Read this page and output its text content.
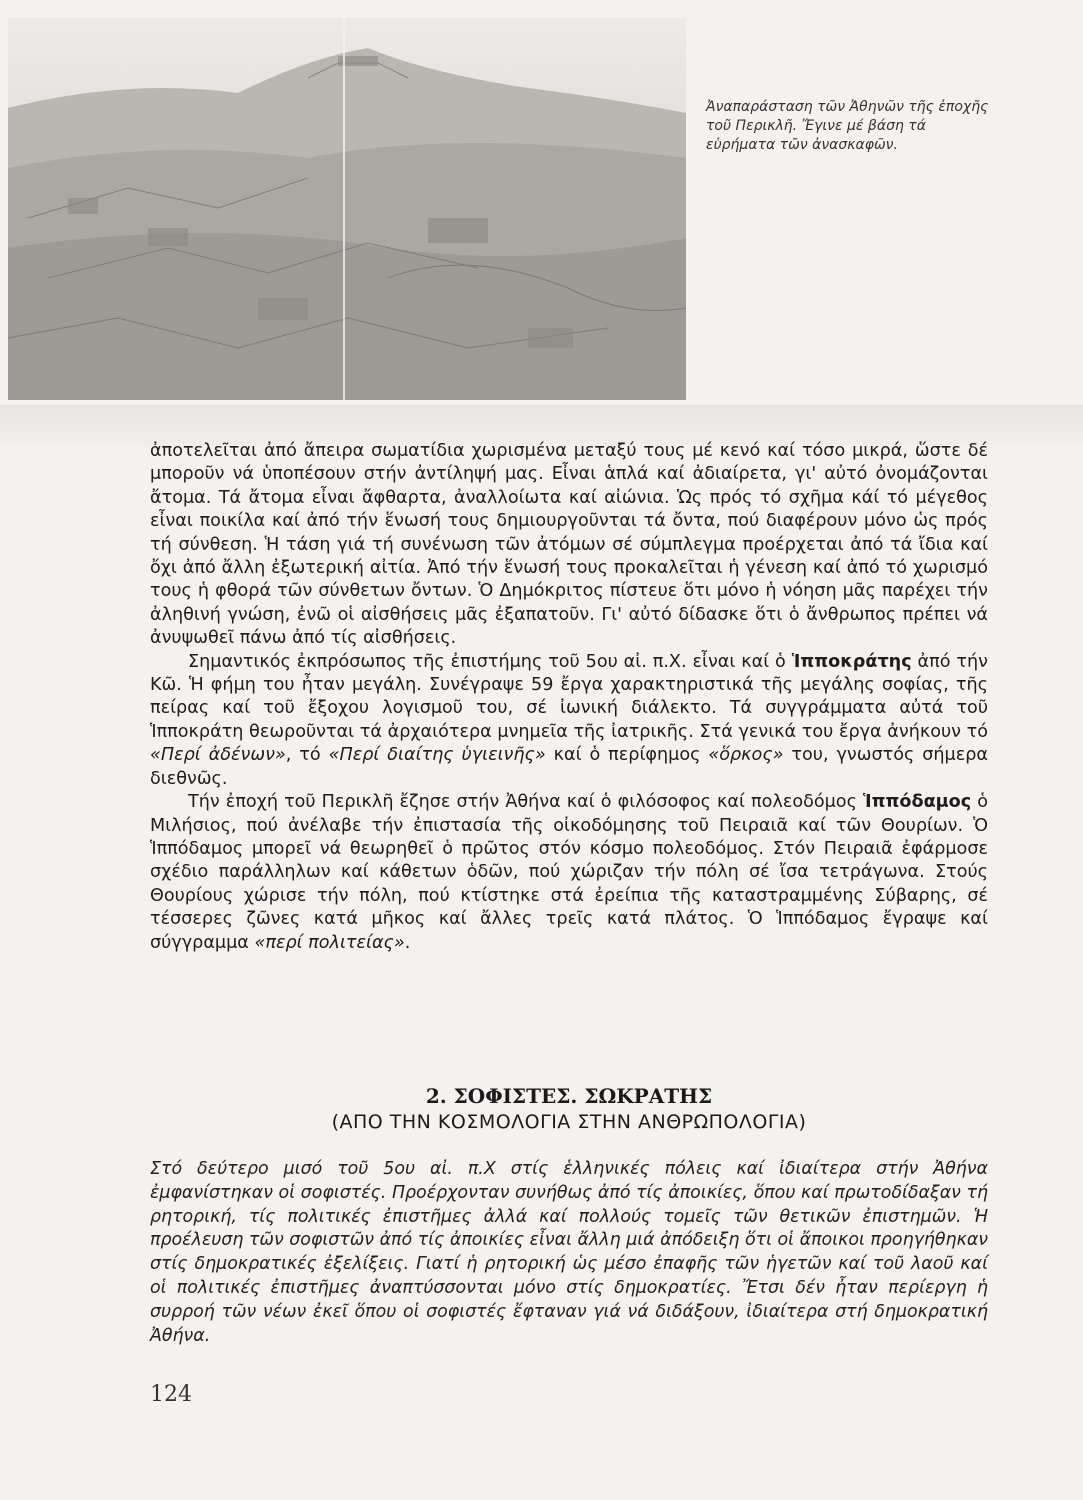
Ἀναπαράσταση τῶν Ἀθηνῶν τῆς ἐποχῆς τοῦ Περικλῆ. Ἔγινε μέ βάση τά εὑρήματα τῶν ἀνασκαφῶν.

ἀποτελεῖται ἀπό ἄπειρα σωματίδια χωρισμένα μεταξύ τους μέ κενό καί τόσο μικρά, ὥστε δέ μποροῦν νά ὑποπέσουν στήν ἀντίληψή μας. Εἶναι ἁπλά καί ἀδιαίρετα, γι' αὐτό ὀνομάζονται ἄτομα. Τά ἄτομα εἶναι ἄφθαρτα, ἀναλλοίωτα καί αἰώνια. Ὡς πρός τό σχῆμα κάί τό μέγεθος εἶναι ποικίλα καί ἀπό τήν ἕνωσή τους δημιουργοῦνται τά ὄντα, πού διαφέρουν μόνο ὡς πρός τή σύνθεση. Ἡ τάση γιά τή συνένωση τῶν ἀτόμων σέ σύμπλεγμα προέρχεται ἀπό τά ἴδια καί ὄχι ἀπό ἄλλη ἐξωτερική αἰτία. Ἀπό τήν ἕνωσή τους προκαλεῖται ἡ γένεση καί ἀπό τό χωρισμό τους ἡ φθορά τῶν σύνθετων ὄντων. Ὁ Δημόκριτος πίστευε ὅτι μόνο ἡ νόηση μᾶς παρέχει τήν ἀληθινή γνώση, ἐνῶ οἱ αἰσθήσεις μᾶς ἐξαπατοῦν. Γι' αὐτό δίδασκε ὅτι ὁ ἄνθρωπος πρέπει νά ἀνυψωθεῖ πάνω ἀπό τίς αἰσθήσεις.

Σημαντικός ἐκπρόσωπος τῆς ἐπιστήμης τοῦ 5ου αἰ. π.Χ. εἶναι καί ὁ Ἱπποκράτης ἀπό τήν Κῶ. Ἡ φήμη του ἦταν μεγάλη. Συνέγραψε 59 ἔργα χαρακτηριστικά τῆς μεγάλης σοφίας, τῆς πείρας καί τοῦ ἔξοχου λογισμοῦ του, σέ ἰωνική διάλεκτο. Τά συγγράμματα αὐτά τοῦ Ἱπποκράτη θεωροῦνται τά ἀρχαιότερα μνημεῖα τῆς ἰατρικῆς. Στά γενικά του ἔργα ἀνήκουν τό «Περί ἀδένων», τό «Περί διαίτης ὑγιεινῆς» καί ὁ περίφημος «ὅρκος» του, γνωστός σήμερα διεθνῶς.

Τήν ἐποχή τοῦ Περικλῆ ἔζησε στήν Ἀθήνα καί ὁ φιλόσοφος καί πολεοδόμος Ἱππόδαμος ὁ Μιλήσιος, πού ἀνέλαβε τήν ἐπιστασία τῆς οἰκοδόμησης τοῦ Πειραιᾶ καί τῶν Θουρίων. Ὁ Ἱππόδαμος μπορεῖ νά θεωρηθεῖ ὁ πρῶτος στόν κόσμο πολεοδόμος. Στόν Πειραιᾶ ἐφάρμοσε σχέδιο παράλληλων καί κάθετων ὁδῶν, πού χώριζαν τήν πόλη σέ ἴσα τετράγωνα. Στούς Θουρίους χώρισε τήν πόλη, πού κτίστηκε στά ἐρείπια τῆς καταστραμμένης Σύβαρης, σέ τέσσερες ζῶνες κατά μῆκος καί ἄλλες τρεῖς κατά πλάτος. Ὁ Ἱππόδαμος ἔγραψε καί σύγγραμμα «περί πολιτείας».

2. ΣΟΦΙΣΤΕΣ. ΣΩΚΡΑΤΗΣ
(ΑΠΟ ΤΗΝ ΚΟΣΜΟΛΟΓΙΑ ΣΤΗΝ ΑΝΘΡΩΠΟΛΟΓΙΑ)
Στό δεύτερο μισό τοῦ 5ου αἰ. π.Χ στίς ἑλληνικές πόλεις καί ἰδιαίτερα στήν Ἀθήνα ἐμφανίστηκαν οἱ σοφιστές. Προέρχονταν συνήθως ἀπό τίς ἀποικίες, ὅπου καί πρωτοδίδαξαν τή ρητορική, τίς πολιτικές ἐπιστῆμες ἀλλά καί πολλούς τομεῖς τῶν θετικῶν ἐπιστημῶν. Ἡ προέλευση τῶν σοφιστῶν ἀπό τίς ἀποικίες εἶναι ἄλλη μιά ἀπόδειξη ὅτι οἱ ἄποικοι προηγήθηκαν στίς δημοκρατικές ἐξελίξεις. Γιατί ἡ ρητορική ὡς μέσο ἐπαφῆς τῶν ἡγετῶν καί τοῦ λαοῦ καί οἱ πολιτικές ἐπιστῆμες ἀναπτύσσονται μόνο στίς δημοκρατίες. Ἔτσι δέν ἦταν περίεργη ἡ συρροή τῶν νέων ἐκεῖ ὅπου οἱ σοφιστές ἔφταναν γιά νά διδάξουν, ἰδιαίτερα στή δημοκρατική Ἀθήνα.
124
